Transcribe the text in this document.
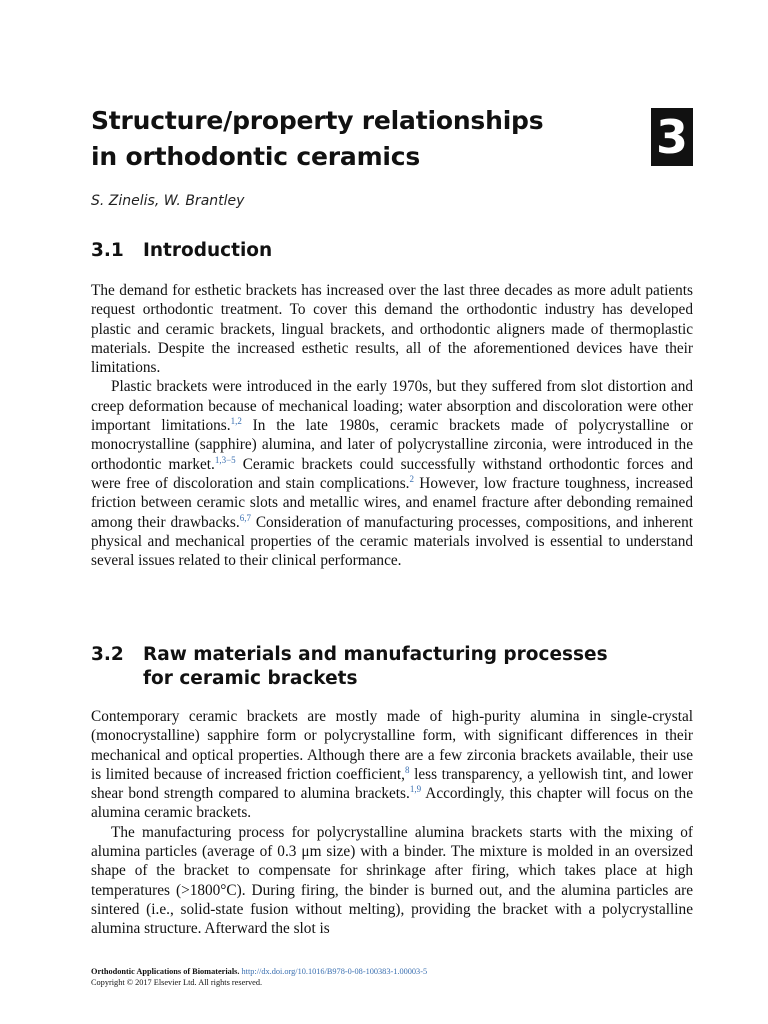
Structure/property relationships
in orthodontic ceramics	3
S. Zinelis, W. Brantley
3.1 Introduction

The demand for esthetic brackets has increased over the last three decades as more adult patients request orthodontic treatment. To cover this demand the orthodontic industry has developed plastic and ceramic brackets, lingual brackets, and orthodontic aligners made of thermoplastic materials. Despite the increased esthetic results, all of the aforementioned devices have their limitations.

Plastic brackets were introduced in the early 1970s, but they suffered from slot distortion and creep deformation because of mechanical loading; water absorption and discoloration were other important limitations.$^{1,2}$ In the late 1980s, ceramic brackets made of polycrystalline or monocrystalline (sapphire) alumina, and later of polycrystalline zirconia, were introduced in the orthodontic market.$^{1,3-5}$ Ceramic brackets could successfully withstand orthodontic forces and were free of discoloration and stain complications.$^2$ However, low fracture toughness, increased friction between ceramic slots and metallic wires, and enamel fracture after debonding remained among their drawbacks.$^{6,7}$ Consideration of manufacturing processes, compositions, and inherent physical and mechanical properties of the ceramic materials involved is essential to understand several issues related to their clinical performance.

3.2 Raw materials and manufacturing processes
for ceramic brackets

Contemporary ceramic brackets are mostly made of high-purity alumina in single-crystal (monocrystalline) sapphire form or polycrystalline form, with significant differences in their mechanical and optical properties. Although there are a few zirconia brackets available, their use is limited because of increased friction coefficient,$^8$ less transparency, a yellowish tint, and lower shear bond strength compared to alumina brackets.$^{1,9}$ Accordingly, this chapter will focus on the alumina ceramic brackets.

The manufacturing process for polycrystalline alumina brackets starts with the mixing of alumina particles (average of 0.3 μm size) with a binder. The mixture is molded in an oversized shape of the bracket to compensate for shrinkage after firing, which takes place at high temperatures (>1800°C). During firing, the binder is burned out, and the alumina particles are sintered (i.e., solid-state fusion without melting), providing the bracket with a polycrystalline alumina structure. Afterward the slot is

Orthodontic Applications of Biomaterials. http://dx.doi.org/10.1016/B978-0-08-100383-1.00003-5
Copyright © 2017 Elsevier Ltd. All rights reserved.
